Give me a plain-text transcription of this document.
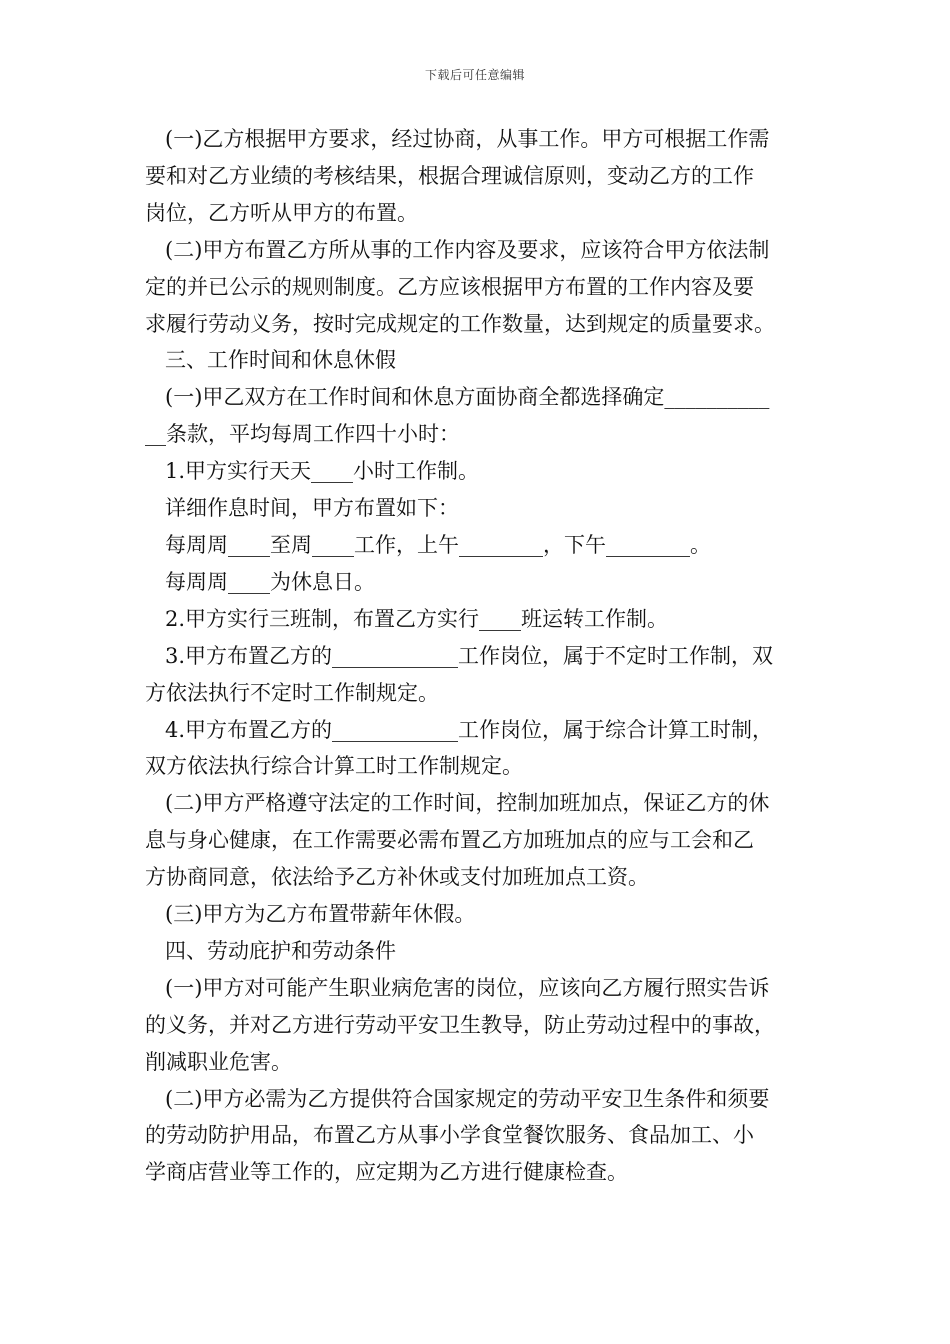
下载后可任意编辑

(一)乙方根据甲方要求，经过协商，从事工作。甲方可根据工作需

要和对乙方业绩的考核结果，根据合理诚信原则，变动乙方的工作

岗位，乙方听从甲方的布置。

(二)甲方布置乙方所从事的工作内容及要求，应该符合甲方依法制

定的并已公示的规则制度。乙方应该根据甲方布置的工作内容及要

求履行劳动义务，按时完成规定的工作数量，达到规定的质量要求。

三、工作时间和休息休假

(一)甲乙双方在工作时间和休息方面协商全都选择确定__________

__条款，平均每周工作四十小时：

1.甲方实行天天____小时工作制。

详细作息时间，甲方布置如下：

每周周____至周____工作，上午________，下午________。

每周周____为休息日。

2.甲方实行三班制，布置乙方实行____班运转工作制。

3.甲方布置乙方的____________工作岗位，属于不定时工作制，双

方依法执行不定时工作制规定。

4.甲方布置乙方的____________工作岗位，属于综合计算工时制，

双方依法执行综合计算工时工作制规定。

(二)甲方严格遵守法定的工作时间，控制加班加点，保证乙方的休

息与身心健康，在工作需要必需布置乙方加班加点的应与工会和乙

方协商同意，依法给予乙方补休或支付加班加点工资。

(三)甲方为乙方布置带薪年休假。

四、劳动庇护和劳动条件

(一)甲方对可能产生职业病危害的岗位，应该向乙方履行照实告诉

的义务，并对乙方进行劳动平安卫生教导，防止劳动过程中的事故，

削减职业危害。

(二)甲方必需为乙方提供符合国家规定的劳动平安卫生条件和须要

的劳动防护用品，布置乙方从事小学食堂餐饮服务、食品加工、小

学商店营业等工作的，应定期为乙方进行健康检查。
